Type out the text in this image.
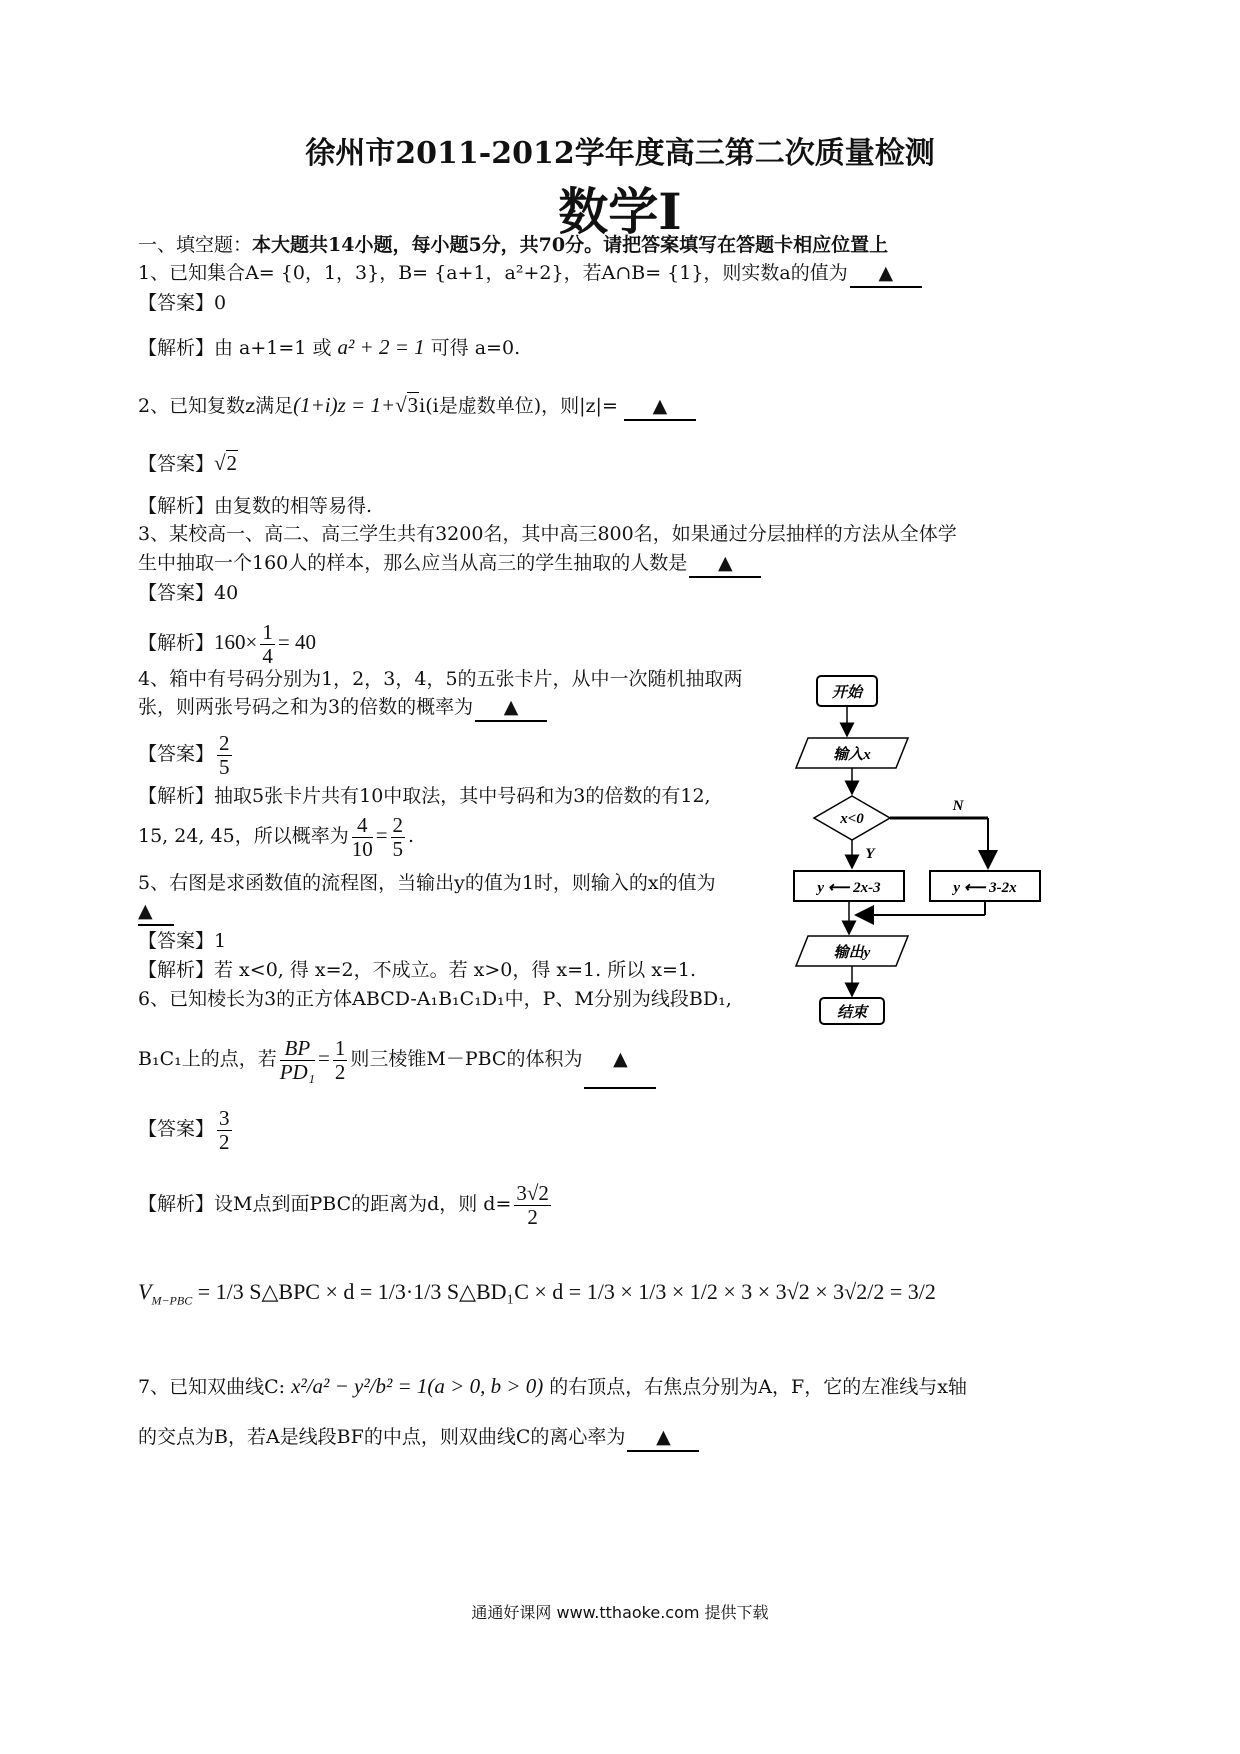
徐州市2011-2012学年度高三第二次质量检测
数学Ⅰ
一、填空题：本大题共14小题，每小题5分，共70分。请把答案填写在答题卡相应位置上
1、已知集合A= {0，1，3}，B= {a+1，a²+2}，若A∩B= {1}，则实数a的值为 ▲
【答案】0
【解析】由 a+1=1 或 a² + 2 = 1 可得 a=0.
2、已知复数z满足(1+i)z = 1+√3i(i是虚数单位)，则|z|= ▲
【答案】√2
【解析】由复数的相等易得.
3、某校高一、高二、高三学生共有3200名，其中高三800名，如果通过分层抽样的方法从全体学
生中抽取一个160人的样本，那么应当从高三的学生抽取的人数是 ▲
【答案】40
【解析】$160\times \frac{1}{4} = 40$
4、箱中有号码分别为1，2，3，4，5的五张卡片，从中一次随机抽取两
张，则两张号码之和为3的倍数的概率为 ▲
【答案】 $\frac{2}{5}$
【解析】抽取5张卡片共有10中取法，其中号码和为3的倍数的有12,
15, 24, 45，所以概率为 $\frac{4}{10} = \frac{2}{5}$ .
5、右图是求函数值的流程图，当输出y的值为1时，则输入的x的值为
▲
【答案】1
【解析】若 x<0, 得 x=2，不成立。若 x>0，得 x=1. 所以 x=1.
开始
输入x
x<0
N
Y
y ⟵ 2x-3	y ⟵ 3-2x
输出y
结束
6、已知棱长为3的正方体ABCD-A₁B₁C₁D₁中，P、M分别为线段BD₁,
B₁C₁上的点，若 $\frac{BP}{\text{PD₁}} = \frac{1}{2}$ 则三棱锥M－PBC的体积为 ▲
【答案】 $\frac{3}{2}$
【解析】设M点到面PBC的距离为d，则 $d= \frac{3√2}{2}$
$V_{M-PBC} = 1/3$ S△BPC × d = 1/3·1/3 S△BD₁C × d = 1/3 × 1/3 × 1/2 × 3 × 3√2 × 3√2/2 = 3/2
7、已知双曲线C: x²/a² − y²/b² = 1(a > 0, b > 0) 的右顶点，右焦点分别为A，F，它的左准线与x轴
的交点为B，若A是线段BF的中点，则双曲线C的离心率为 ▲
通通好课网 www.tthaoke.com 提供下载
